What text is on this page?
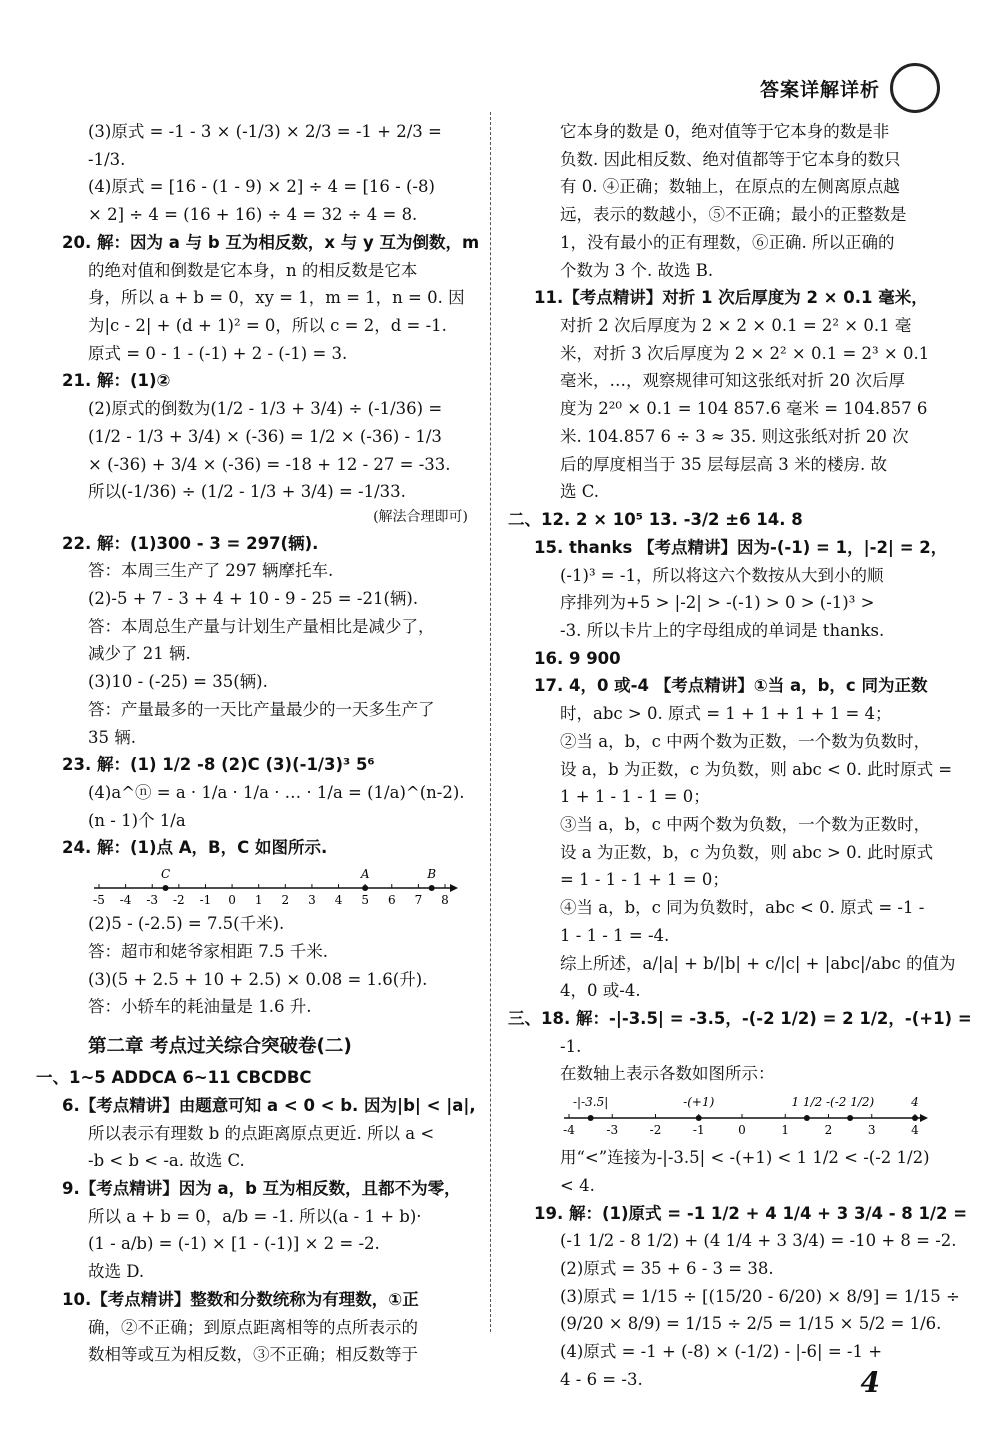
答案详解详析
(3)原式 = -1 - 3 × (-1/3) × 2/3 = -1 + 2/3 =
-1/3.
(4)原式 = [16 - (1 - 9) × 2] ÷ 4 = [16 - (-8)
× 2] ÷ 4 = (16 + 16) ÷ 4 = 32 ÷ 4 = 8.
20. 解：因为 a 与 b 互为相反数，x 与 y 互为倒数，m
的绝对值和倒数是它本身，n 的相反数是它本
身，所以 a + b = 0，xy = 1，m = 1，n = 0. 因
为|c - 2| + (d + 1)² = 0，所以 c = 2，d = -1.
原式 = 0 - 1 - (-1) + 2 - (-1) = 3.
21. 解：(1)②
(2)原式的倒数为(1/2 - 1/3 + 3/4) ÷ (-1/36) =
(1/2 - 1/3 + 3/4) × (-36) = 1/2 × (-36) - 1/3
× (-36) + 3/4 × (-36) = -18 + 12 - 27 = -33.
所以(-1/36) ÷ (1/2 - 1/3 + 3/4) = -1/33.
(解法合理即可)
22. 解：(1)300 - 3 = 297(辆).
答：本周三生产了 297 辆摩托车.
(2)-5 + 7 - 3 + 4 + 10 - 9 - 25 = -21(辆).
答：本周总生产量与计划生产量相比是减少了，
减少了 21 辆.
(3)10 - (-25) = 35(辆).
答：产量最多的一天比产量最少的一天多生产了
35 辆.
23. 解：(1) 1/2 -8 (2)C (3)(-1/3)³ 5⁶
(4)a^ⓝ = a · 1/a · 1/a · … · 1/a = (1/a)^(n-2).
(n - 1)个 1/a
24. 解：(1)点 A，B，C 如图所示.
-5 -4 -3 -2 -1 0 1 2 3 4 5 6 7 8
C	A	B
(2)5 - (-2.5) = 7.5(千米).
答：超市和姥爷家相距 7.5 千米.
(3)(5 + 2.5 + 10 + 2.5) × 0.08 = 1.6(升).
答：小轿车的耗油量是 1.6 升.
第二章 考点过关综合突破卷(二)
一、1~5 ADDCA 6~11 CBCDBC
6.【考点精讲】由题意可知 a < 0 < b. 因为|b| < |a|,
所以表示有理数 b 的点距离原点更近. 所以 a <
-b < b < -a. 故选 C.
9.【考点精讲】因为 a，b 互为相反数，且都不为零，
所以 a + b = 0，a/b = -1. 所以(a - 1 + b)·
(1 - a/b) = (-1) × [1 - (-1)] × 2 = -2.
故选 D.
10.【考点精讲】整数和分数统称为有理数，①正
确，②不正确；到原点距离相等的点所表示的
数相等或互为相反数，③不正确；相反数等于
它本身的数是 0，绝对值等于它本身的数是非
负数. 因此相反数、绝对值都等于它本身的数只
有 0. ④正确；数轴上，在原点的左侧离原点越
远，表示的数越小，⑤不正确；最小的正整数是
1，没有最小的正有理数，⑥正确. 所以正确的
个数为 3 个. 故选 B.
11.【考点精讲】对折 1 次后厚度为 2 × 0.1 毫米，
对折 2 次后厚度为 2 × 2 × 0.1 = 2² × 0.1 毫
米，对折 3 次后厚度为 2 × 2² × 0.1 = 2³ × 0.1
毫米，…，观察规律可知这张纸对折 20 次后厚
度为 2²⁰ × 0.1 = 104 857.6 毫米 = 104.857 6
米. 104.857 6 ÷ 3 ≈ 35. 则这张纸对折 20 次
后的厚度相当于 35 层每层高 3 米的楼房. 故
选 C.
二、12. 2 × 10⁵ 13. -3/2 ±6 14. 8
15. thanks 【考点精讲】因为-(-1) = 1，|-2| = 2，
(-1)³ = -1，所以将这六个数按从大到小的顺
序排列为+5 > |-2| > -(-1) > 0 > (-1)³ >
-3. 所以卡片上的字母组成的单词是 thanks.
16. 9 900
17. 4，0 或-4 【考点精讲】①当 a，b，c 同为正数
时，abc > 0. 原式 = 1 + 1 + 1 + 1 = 4；
②当 a，b，c 中两个数为正数，一个数为负数时，
设 a，b 为正数，c 为负数，则 abc < 0. 此时原式 =
1 + 1 - 1 - 1 = 0；
③当 a，b，c 中两个数为负数，一个数为正数时，
设 a 为正数，b，c 为负数，则 abc > 0. 此时原式
= 1 - 1 - 1 + 1 = 0；
④当 a，b，c 同为负数时，abc < 0. 原式 = -1 -
1 - 1 - 1 = -4.
综上所述，a/|a| + b/|b| + c/|c| + |abc|/abc 的值为
4，0 或-4.
三、18. 解：-|-3.5| = -3.5，-(-2 1/2) = 2 1/2，-(+1) =
-1.
在数轴上表示各数如图所示：
-4	-3	-2	-1	0	1	2	3	4
-|-3.5|	-(+1)	1 1/2 -(-2 1/2)	4
用“<”连接为-|-3.5| < -(+1) < 1 1/2 < -(-2 1/2)
< 4.
19. 解：(1)原式 = -1 1/2 + 4 1/4 + 3 3/4 - 8 1/2 =
(-1 1/2 - 8 1/2) + (4 1/4 + 3 3/4) = -10 + 8 = -2.
(2)原式 = 35 + 6 - 3 = 38.
(3)原式 = 1/15 ÷ [(15/20 - 6/20) × 8/9] = 1/15 ÷
(9/20 × 8/9) = 1/15 ÷ 2/5 = 1/15 × 5/2 = 1/6.
(4)原式 = -1 + (-8) × (-1/2) - |-6| = -1 +
4 - 6 = -3.	4
